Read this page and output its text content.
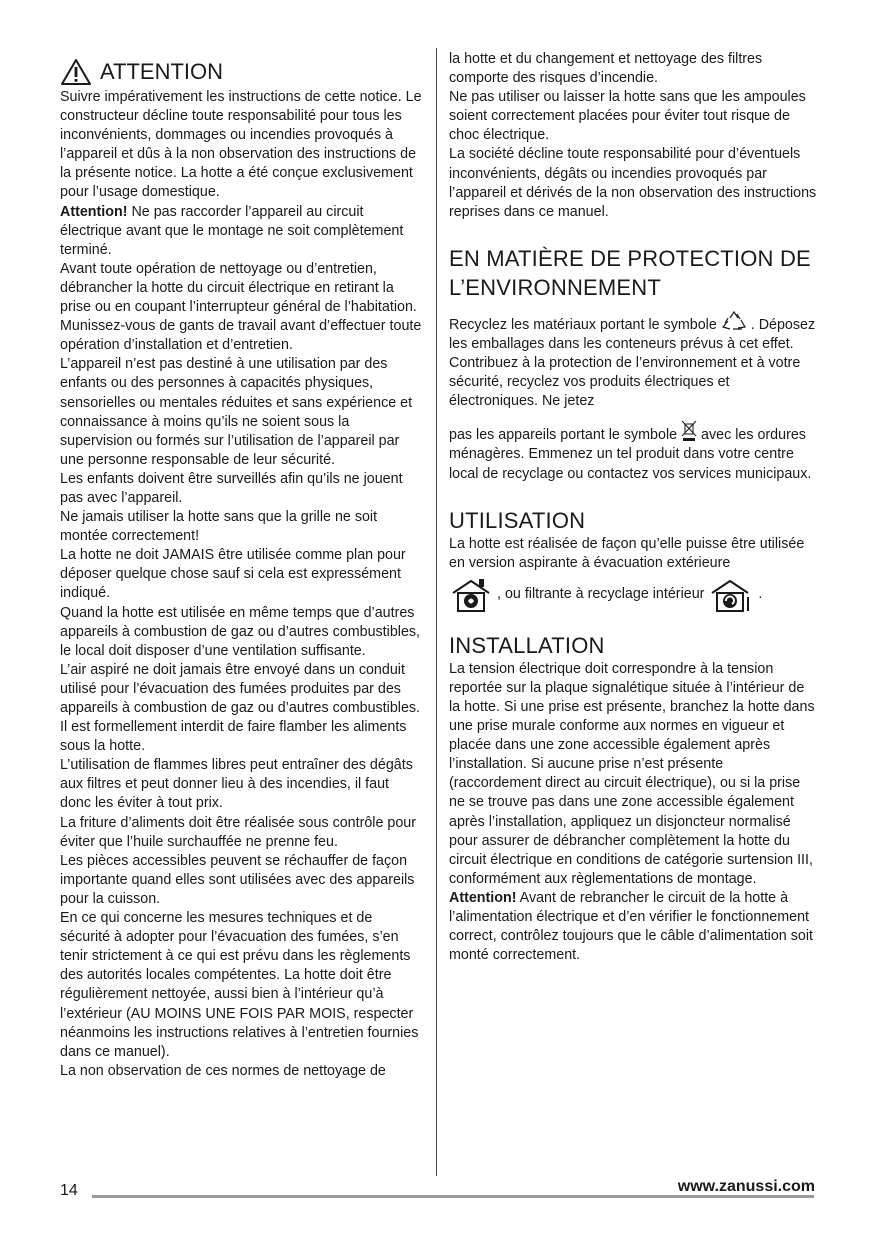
ATTENTION

Suivre impérativement les instructions de cette notice. Le constructeur décline toute responsabilité pour tous les inconvénients, dommages ou incendies provoqués à l’appareil et dûs à la non observation des instructions de la présente notice. La hotte a été conçue exclusivement pour l’usage domestique.

Attention! Ne pas raccorder l’appareil au circuit électrique avant que le montage ne soit complètement terminé.

Avant toute opération de nettoyage ou d’entretien, débrancher la hotte du circuit électrique en retirant la prise ou en coupant l’interrupteur général de l’habitation.

Munissez-vous de gants de travail avant d’effectuer toute opération d’installation et d’entretien.

L’appareil n’est pas destiné à une utilisation par des enfants ou des personnes à capacités physiques, sensorielles ou mentales réduites et sans expérience et connaissance à moins qu’ils ne soient sous la supervision ou formés sur l’utilisation de l’appareil par une personne responsable de leur sécurité.

Les enfants doivent être surveillés afin qu’ils ne jouent pas avec l’appareil.

Ne jamais utiliser la hotte sans que la grille ne soit montée correctement!

La hotte ne doit JAMAIS être utilisée comme plan pour déposer quelque chose sauf si cela est expressément indiqué.

Quand la hotte est utilisée en même temps que d’autres appareils à combustion de gaz ou d’autres combustibles, le local doit disposer d’une ventilation suffisante.

L’air aspiré ne doit jamais être envoyé dans un conduit utilisé pour l’évacuation des fumées produites par des appareils à combustion de gaz ou d’autres combustibles.

Il est formellement interdit de faire flamber les aliments sous la hotte.

L’utilisation de flammes libres peut entraîner des dégâts aux filtres et peut donner lieu à des incendies, il faut donc les éviter à tout prix.

La friture d’aliments doit être réalisée sous contrôle pour éviter que l’huile surchauffée ne prenne feu.

Les pièces accessibles peuvent se réchauffer de façon importante quand elles sont utilisées avec des appareils pour la cuisson.

En ce qui concerne les mesures techniques et de sécurité à adopter pour l’évacuation des fumées, s’en tenir strictement à ce qui est prévu dans les règlements des autorités locales compétentes. La hotte doit être régulièrement nettoyée, aussi bien à l’intérieur qu’à l’extérieur (AU MOINS UNE FOIS PAR MOIS, respecter néanmoins les instructions relatives à l’entretien fournies dans ce manuel).

La non observation de ces normes de nettoyage de

la hotte et du changement et nettoyage des filtres comporte des risques d’incendie.

Ne pas utiliser ou laisser la hotte sans que les ampoules soient correctement placées pour éviter tout risque de choc électrique.

La société décline toute responsabilité pour d’éventuels inconvénients, dégâts ou incendies provoqués par l’appareil et dérivés de la non observation des instructions reprises dans ce manuel.

EN MATIÈRE DE PROTECTION DE L’ENVIRONNEMENT

Recyclez les matériaux portant le symbole  . Déposez les emballages dans les conteneurs prévus à cet effet. Contribuez à la protection de l’environnement et à votre sécurité, recyclez vos produits électriques et électroniques. Ne jetez

pas les appareils portant le symbole  avec les ordures ménagères. Emmenez un tel produit dans votre centre local de recyclage ou contactez vos services municipaux.

UTILISATION

La hotte est réalisée de façon qu’elle puisse être utilisée en version aspirante à évacuation extérieure

, ou filtrante à recyclage intérieur	.
INSTALLATION

La tension électrique doit correspondre à la tension reportée sur la plaque signalétique située à l’intérieur de la hotte. Si une prise est présente, branchez la hotte dans une prise murale conforme aux normes en vigueur et placée dans une zone accessible également après l’installation. Si aucune prise n’est présente (raccordement direct au circuit électrique), ou si la prise ne se trouve pas dans une zone accessible également après l’installation, appliquez un disjoncteur normalisé pour assurer de débrancher complètement la hotte du circuit électrique en conditions de catégorie surtension III, conformément aux règlementations de montage.

Attention! Avant de rebrancher le circuit de la hotte à l’alimentation électrique et d’en vérifier le fonctionnement correct, contrôlez toujours que le câble d’alimentation soit monté correctement.

14	www.zanussi.com
